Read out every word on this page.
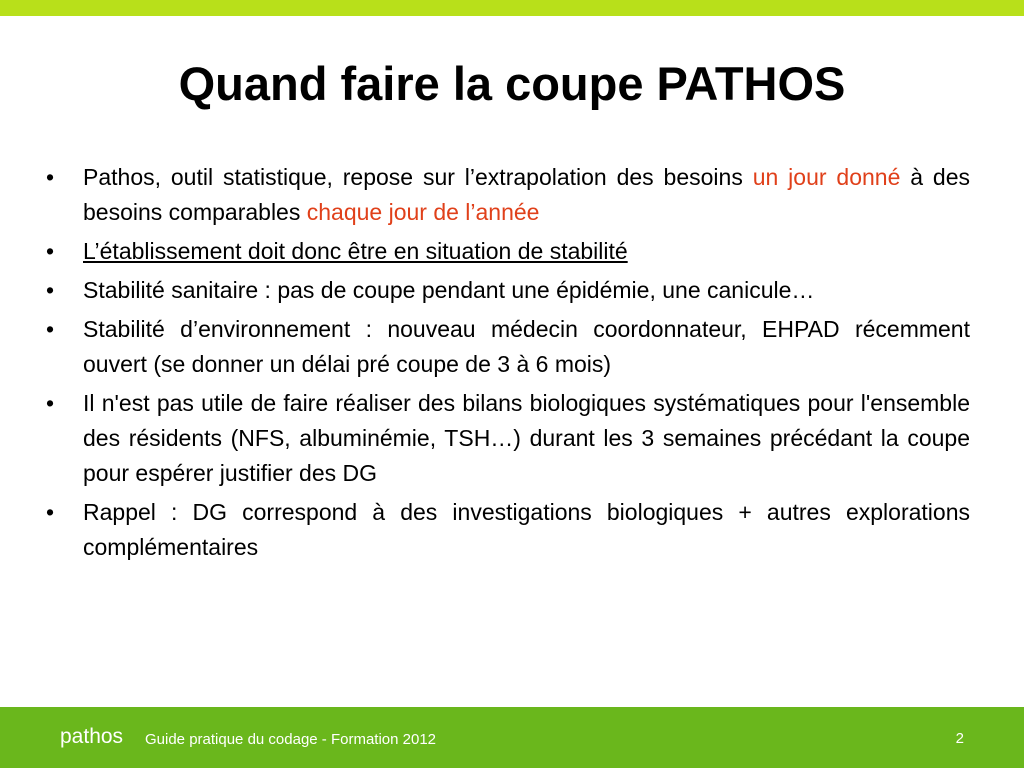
Quand faire la coupe PATHOS
•	Pathos, outil statistique, repose sur l’extrapolation des besoins un jour donné à des besoins comparables chaque jour de l’année
•	L’établissement doit donc être en situation de stabilité
•	Stabilité sanitaire : pas de coupe pendant une épidémie, une canicule…
•	Stabilité d’environnement : nouveau médecin coordonnateur, EHPAD récemment ouvert (se donner un délai pré coupe de 3 à 6 mois)
•	Il n'est pas utile de faire réaliser des bilans biologiques systématiques pour l'ensemble des résidents (NFS, albuminémie, TSH…) durant les 3 semaines précédant la coupe pour espérer justifier des DG
•	Rappel : DG correspond à des investigations biologiques + autres explorations complémentaires
pathos Guide pratique du codage - Formation 2012	2
